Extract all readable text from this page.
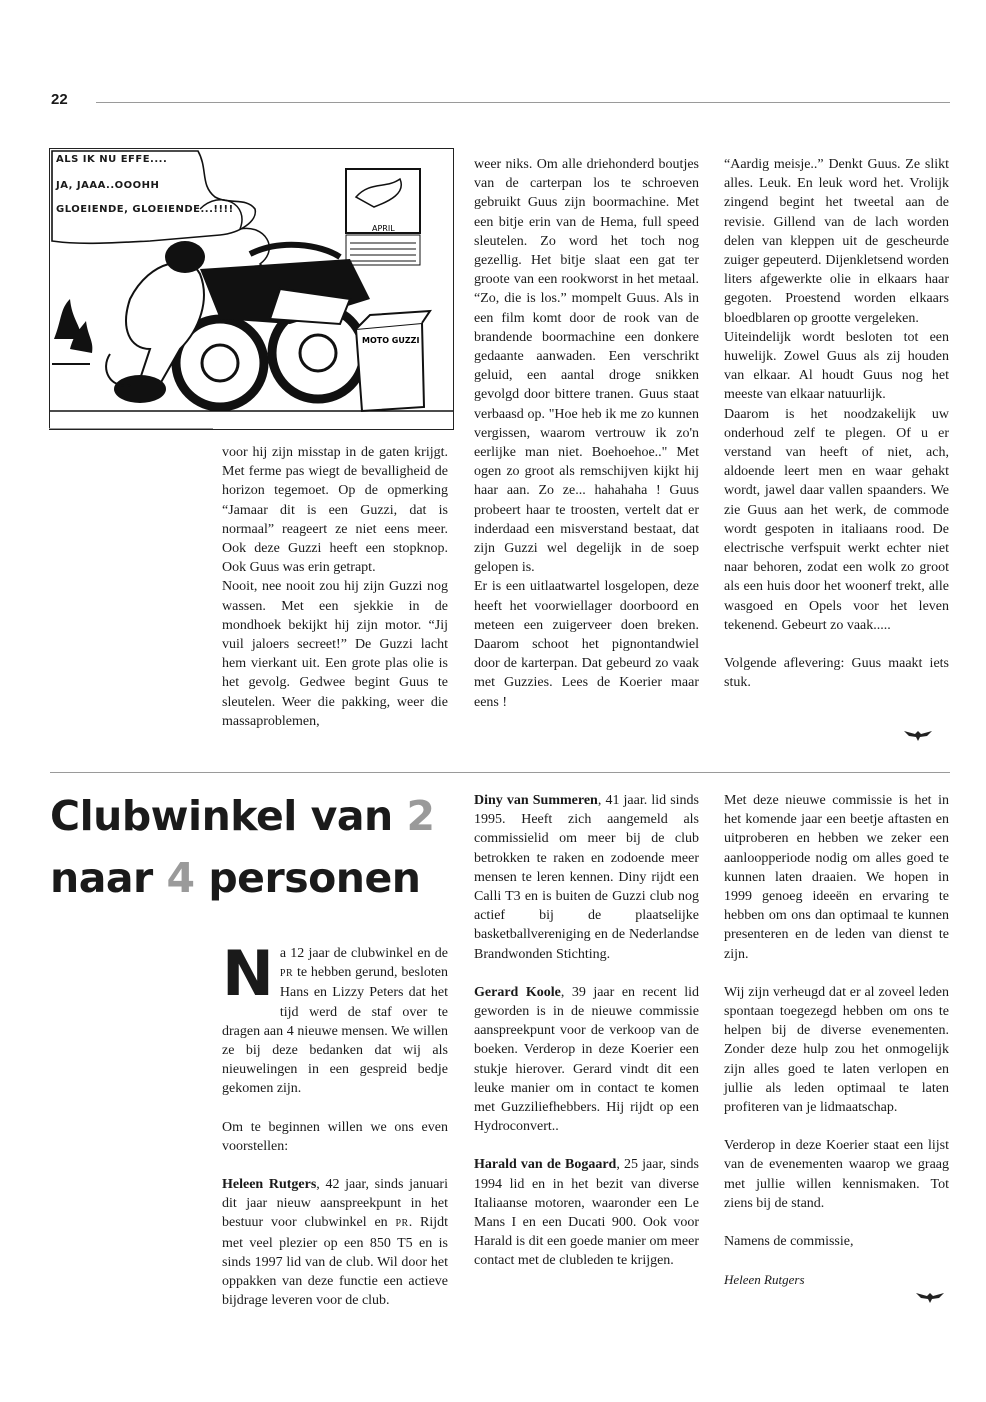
22
APRIL
MOTO GUZZI
ALS IK NU EFFE....
JA, JAAA..OOOHH
GLOEIENDE, GLOEIENDE...!!!!

voor hij zijn misstap in de gaten krijgt. Met ferme pas wiegt de bevalligheid de horizon tegemoet. Op de opmerking “Jamaar dit is een Guzzi, dat is normaal” reageert ze niet eens meer. Ook deze Guzzi heeft een stopknop. Ook Guus was erin getrapt.

Nooit, nee nooit zou hij zijn Guzzi nog wassen. Met een sjekkie in de mondhoek bekijkt hij zijn motor. “Jij vuil jaloers secreet!” De Guzzi lacht hem vierkant uit. Een grote plas olie is het gevolg. Gedwee begint Guus te sleutelen. Weer die pakking, weer die massaproblemen,

weer niks. Om alle driehonderd boutjes van de carterpan los te schroeven gebruikt Guus zijn boormachine. Met een bitje erin van de Hema, full speed sleutelen. Zo word het toch nog gezellig. Het bitje slaat een gat ter groote van een rookworst in het metaal. “Zo, die is los.” mompelt Guus. Als in een film komt door de rook van de brandende boormachine een donkere gedaante aanwaden. Een verschrikt geluid, een aantal droge snikken gevolgd door bittere tranen. Guus staat verbaasd op. "Hoe heb ik me zo kunnen vergissen, waarom vertrouw ik zo'n eerlijke man niet. Boehoehoe.." Met ogen zo groot als remschijven kijkt hij haar aan. Zo ze... hahahaha ! Guus probeert haar te troosten, vertelt dat er inderdaad een misverstand bestaat, dat zijn Guzzi wel degelijk in de soep gelopen is.

Er is een uitlaatwartel losgelopen, deze heeft het voorwiellager doorboord en meteen een zuigerveer doen breken. Daarom schoot het pignontandwiel door de karterpan. Dat gebeurd zo vaak met Guzzies. Lees de Koerier maar eens !

“Aardig meisje..” Denkt Guus. Ze slikt alles. Leuk. En leuk word het. Vrolijk zingend begint het tweetal aan de revisie. Gillend van de lach worden delen van kleppen uit de gescheurde zuiger gepeuterd. Dijenkletsend worden liters afgewerkte olie in elkaars haar gegoten. Proestend worden elkaars bloedblaren op grootte vergeleken.

Uiteindelijk wordt besloten tot een huwelijk. Zowel Guus als zij houden van elkaar. Al houdt Guus nog het meeste van elkaar natuurlijk.

Daarom is het noodzakelijk uw onderhoud zelf te plegen. Of u er verstand van heeft of niet, ach, aldoende leert men en waar gehakt wordt, jawel daar vallen spaanders. We zie Guus aan het werk, de commode wordt gespoten in italiaans rood. De electrische verfspuit werkt echter niet naar behoren, zodat een wolk zo groot als een huis door het woonerf trekt, alle wasgoed en Opels voor het leven tekenend. Gebeurt zo vaak.....

Volgende aflevering: Guus maakt iets stuk.

Clubwinkel van 2
naar 4 personen

Na 12 jaar de clubwinkel en de PR te hebben gerund, besloten Hans en Lizzy Peters dat het tijd werd de staf over te dragen aan 4 nieuwe mensen. We willen ze bij deze bedanken dat wij als nieuwelingen in een gespreid bedje gekomen zijn.

Om te beginnen willen we ons even voorstellen:

Heleen Rutgers, 42 jaar, sinds januari dit jaar nieuw aanspreekpunt in het bestuur voor clubwinkel en PR. Rijdt met veel plezier op een 850 T5 en is sinds 1997 lid van de club. Wil door het oppakken van deze functie een actieve bijdrage leveren voor de club.

Diny van Summeren, 41 jaar. lid sinds 1995. Heeft zich aangemeld als commissielid om meer bij de club betrokken te raken en zodoende meer mensen te leren kennen. Diny rijdt een Calli T3 en is buiten de Guzzi club nog actief bij de plaatselijke basketballvereniging en de Nederlandse Brandwonden Stichting.

Gerard Koole, 39 jaar en recent lid geworden is in de nieuwe commissie aanspreekpunt voor de verkoop van de boeken. Verderop in deze Koerier een stukje hierover. Gerard vindt dit een leuke manier om in contact te komen met Guzziliefhebbers. Hij rijdt op een Hydroconvert..

Harald van de Bogaard, 25 jaar, sinds 1994 lid en in het bezit van diverse Italiaanse motoren, waaronder een Le Mans I en een Ducati 900. Ook voor Harald is dit een goede manier om meer contact met de clubleden te krijgen.

Met deze nieuwe commissie is het in het komende jaar een beetje aftasten en uitproberen en hebben we zeker een aanloopperiode nodig om alles goed te kunnen laten draaien. We hopen in 1999 genoeg ideeën en ervaring te hebben om ons dan optimaal te kunnen presenteren en de leden van dienst te zijn.

Wij zijn verheugd dat er al zoveel leden spontaan toegezegd hebben om ons te helpen bij de diverse evenementen. Zonder deze hulp zou het onmogelijk zijn alles goed te laten verlopen en jullie als leden optimaal te laten profiteren van je lidmaatschap.

Verderop in deze Koerier staat een lijst van de evenementen waarop we graag met jullie willen kennismaken. Tot ziens bij de stand.

Namens de commissie,

Heleen Rutgers
